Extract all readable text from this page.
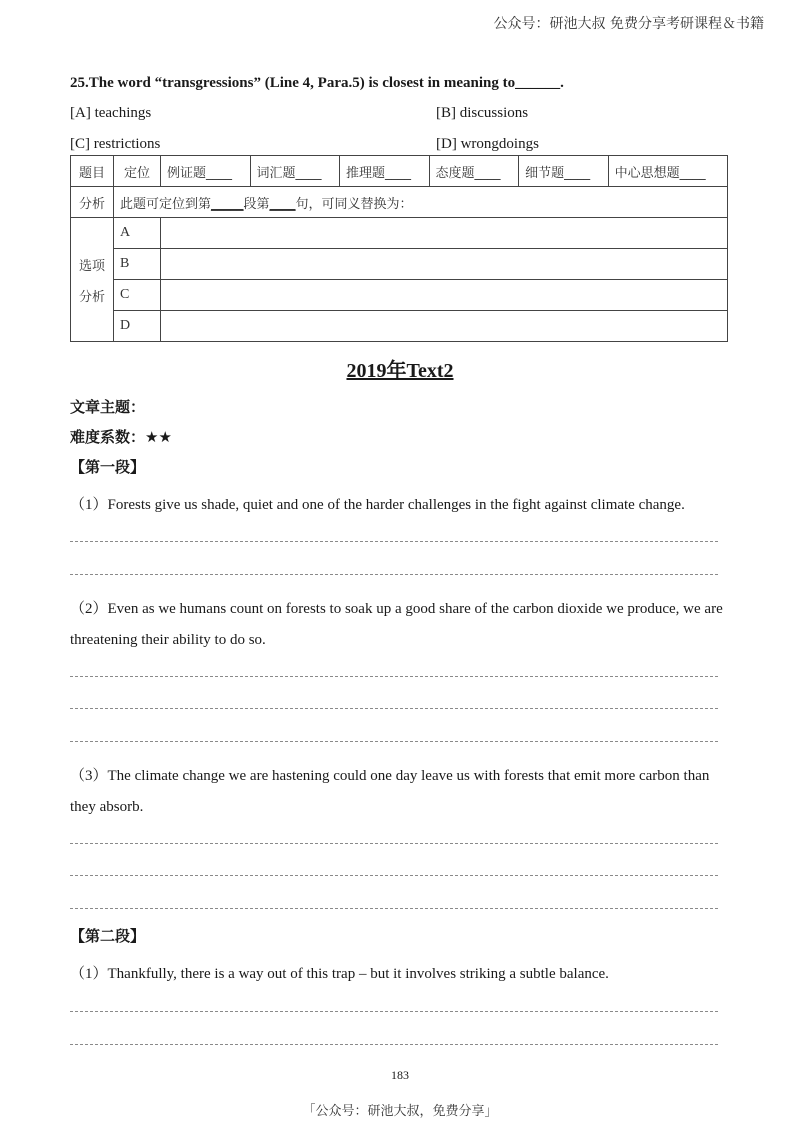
公众号：研池大叔 免费分享考研课程＆书籍
25.The word “transgressions” (Line 4, Para.5) is closest in meaning to______.
[A] teachings	[B] discussions
[C] restrictions	[D] wrongdoings
题目	定位	例证题____	词汇题____	推理题____	态度题____	细节题____	中心思想题____
分析	此题可定位到第_____段第____句，可同义替换为：						

选项
分析	A						
	B						
	C						
	D						
2019年Text2
文章主题：
难度系数：★★
【第一段】
（1）Forests give us shade, quiet and one of the harder challenges in the fight against climate change.
（2）Even as we humans count on forests to soak up a good share of the carbon dioxide we produce, we are threatening their ability to do so.
（3）The climate change we are hastening could one day leave us with forests that emit more carbon than they absorb.
【第二段】
（1）Thankfully, there is a way out of this trap – but it involves striking a subtle balance.
183
「公众号：研池大叔，免费分享」
